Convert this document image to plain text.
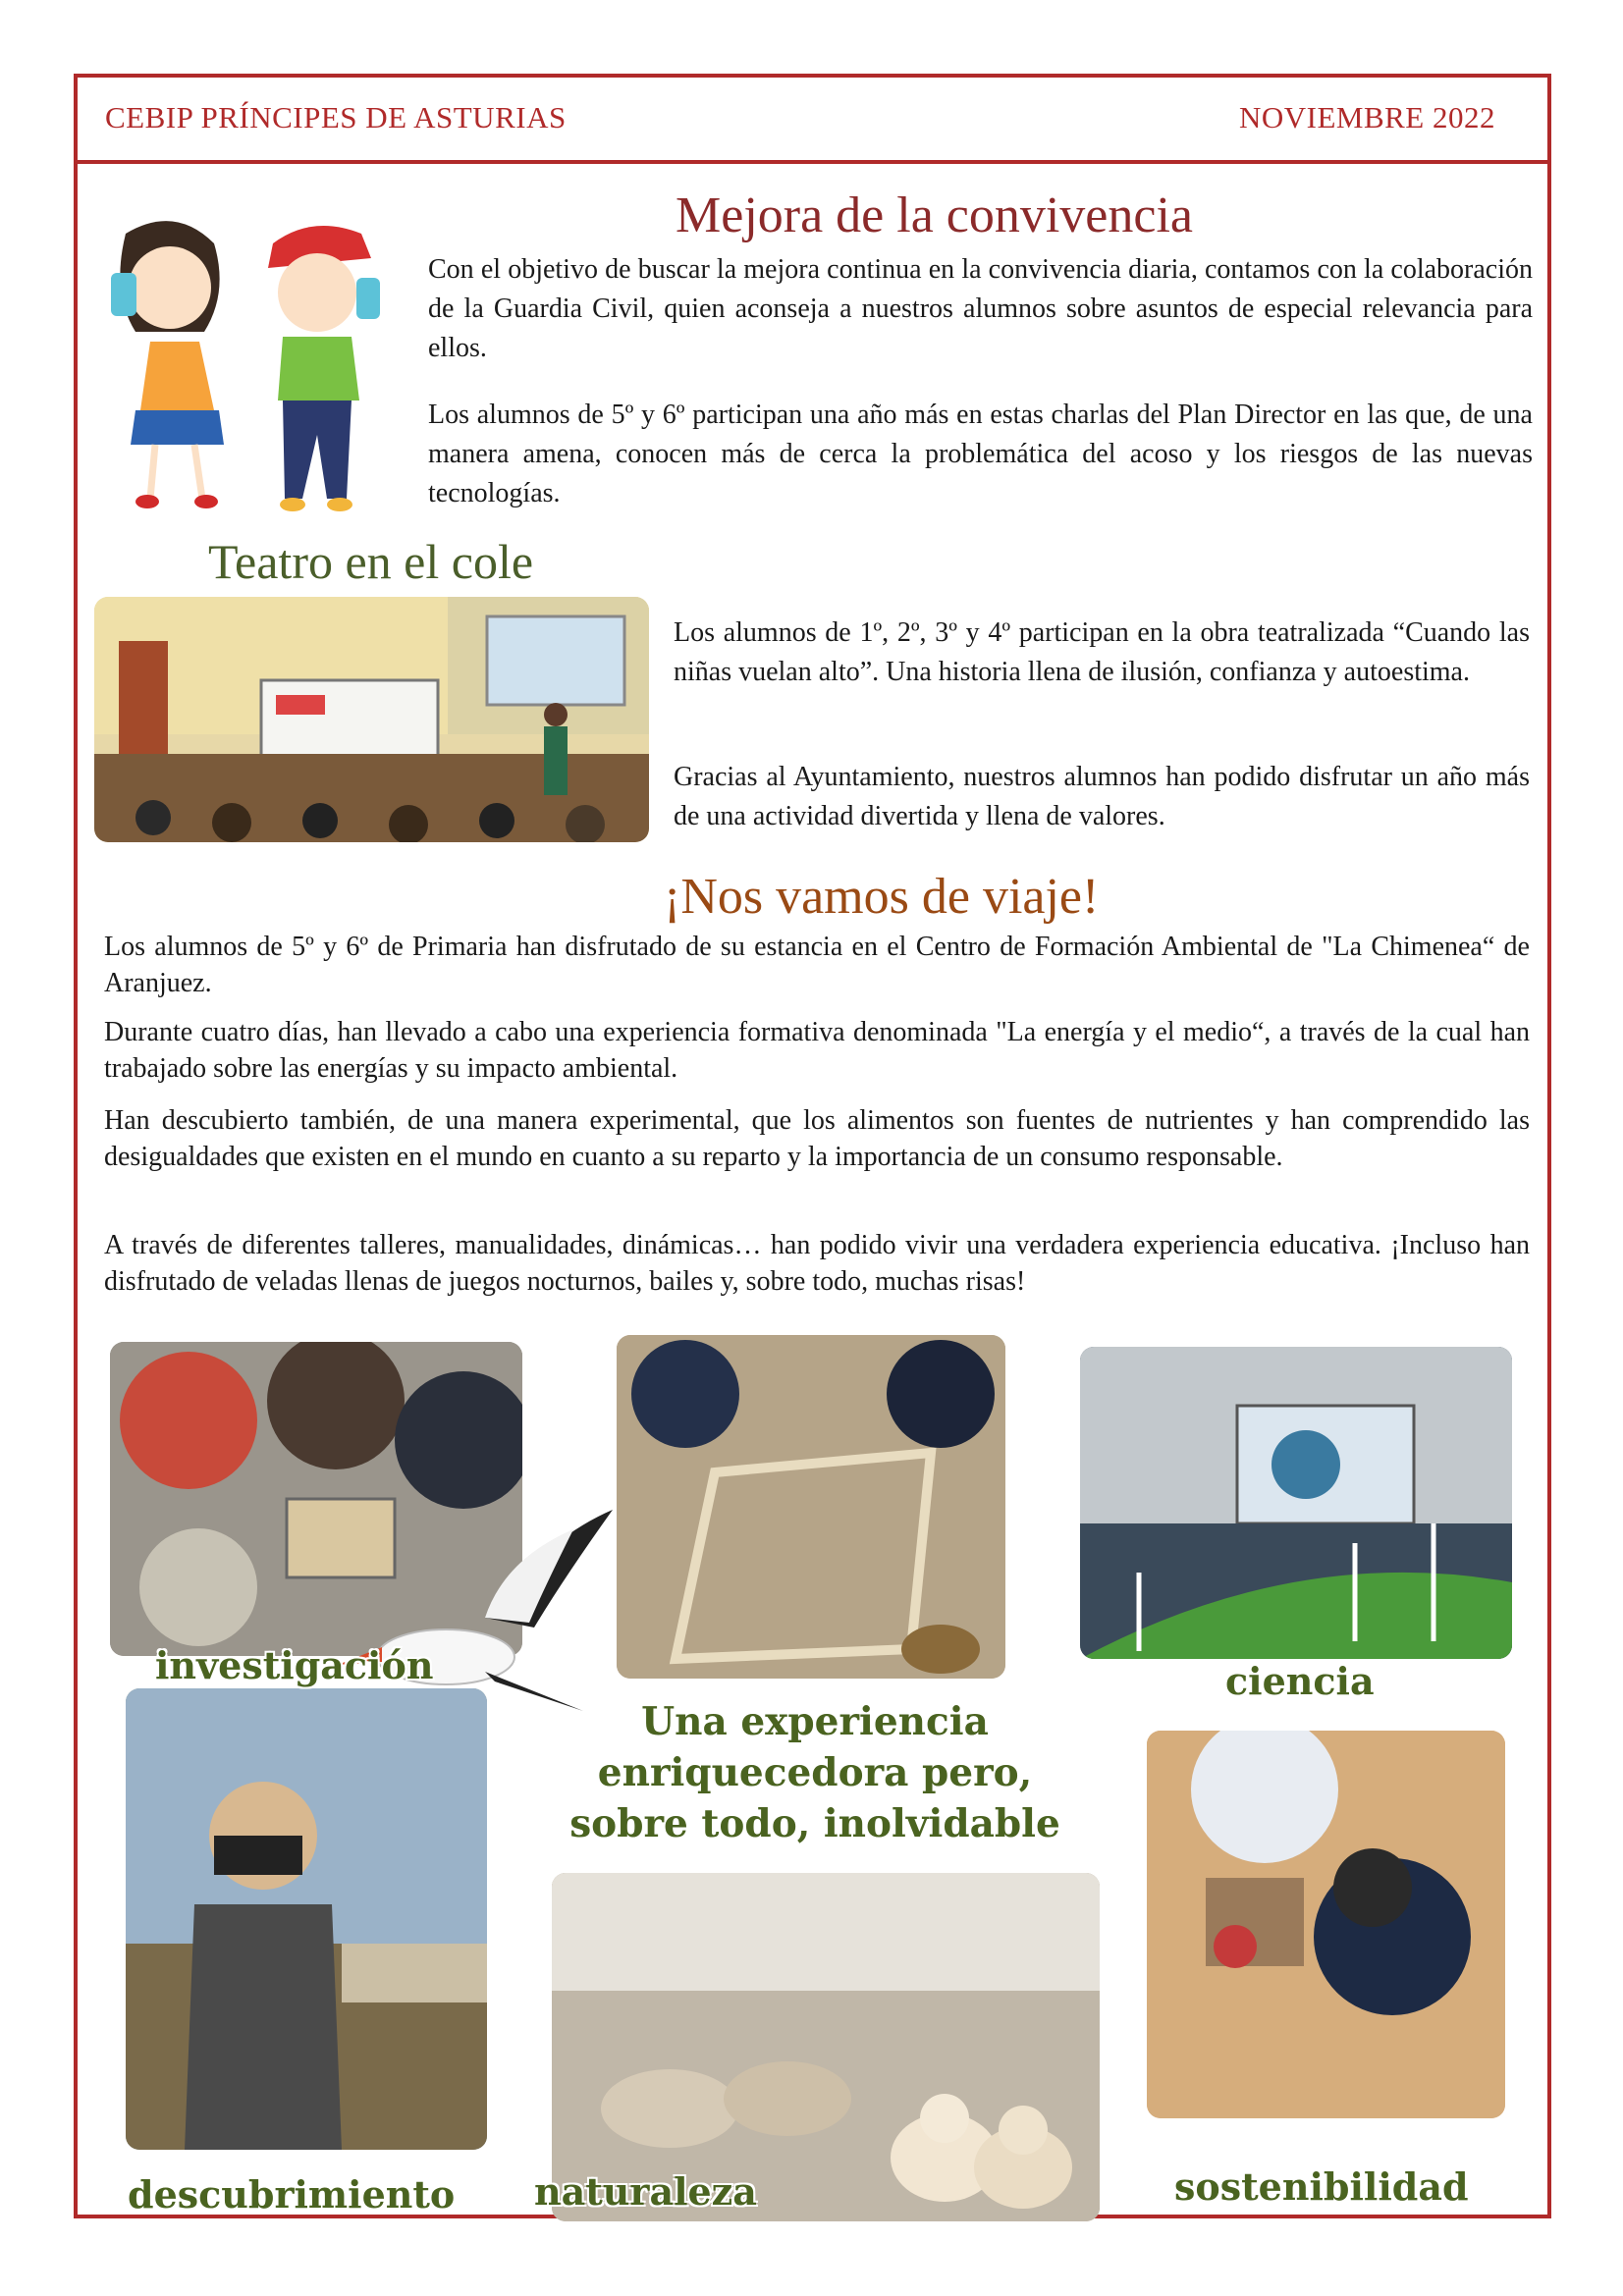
CEBIP PRÍNCIPES DE ASTURIAS	NOVIEMBRE 2022
Mejora de la convivencia

Con el objetivo de buscar la mejora continua en la convivencia diaria, contamos con la colaboración de la Guardia Civil, quien aconseja a nuestros alumnos sobre asuntos de especial relevancia para ellos.

Los alumnos de 5º y 6º participan una año más en estas charlas del Plan Director en las que, de una manera amena, conocen más de cerca la problemática del acoso y los riesgos de las nuevas tecnologías.

Teatro en el cole

Los alumnos de 1º, 2º, 3º y 4º participan en la obra teatralizada “Cuando las niñas vuelan alto”. Una historia llena de ilusión, confianza y autoestima.

Gracias al Ayuntamiento, nuestros alumnos han podido disfrutar un año más de una actividad divertida y llena de valores.

¡Nos vamos de viaje!

Los alumnos de 5º y 6º de Primaria han disfrutado de su estancia en el Centro de Formación Ambiental de "La Chimenea“ de Aranjuez.

Durante cuatro días, han llevado a cabo una experiencia formativa denominada "La energía y el medio“, a través de la cual han trabajado sobre las energías y su impacto ambiental.

Han descubierto también, de una manera experimental, que los alimentos son fuentes de nutrientes y han comprendido las desigualdades que existen en el mundo en cuanto a su reparto y la importancia de un consumo responsable.

A través de diferentes talleres, manualidades, dinámicas… han podido vivir una verdadera experiencia educativa. ¡Incluso han disfrutado de veladas llenas de juegos nocturnos, bailes y, sobre todo, muchas risas!

investigación	ciencia
descubrimiento naturaleza	sostenibilidad
Una experiencia
enriquecedora pero,
sobre todo, inolvidable
